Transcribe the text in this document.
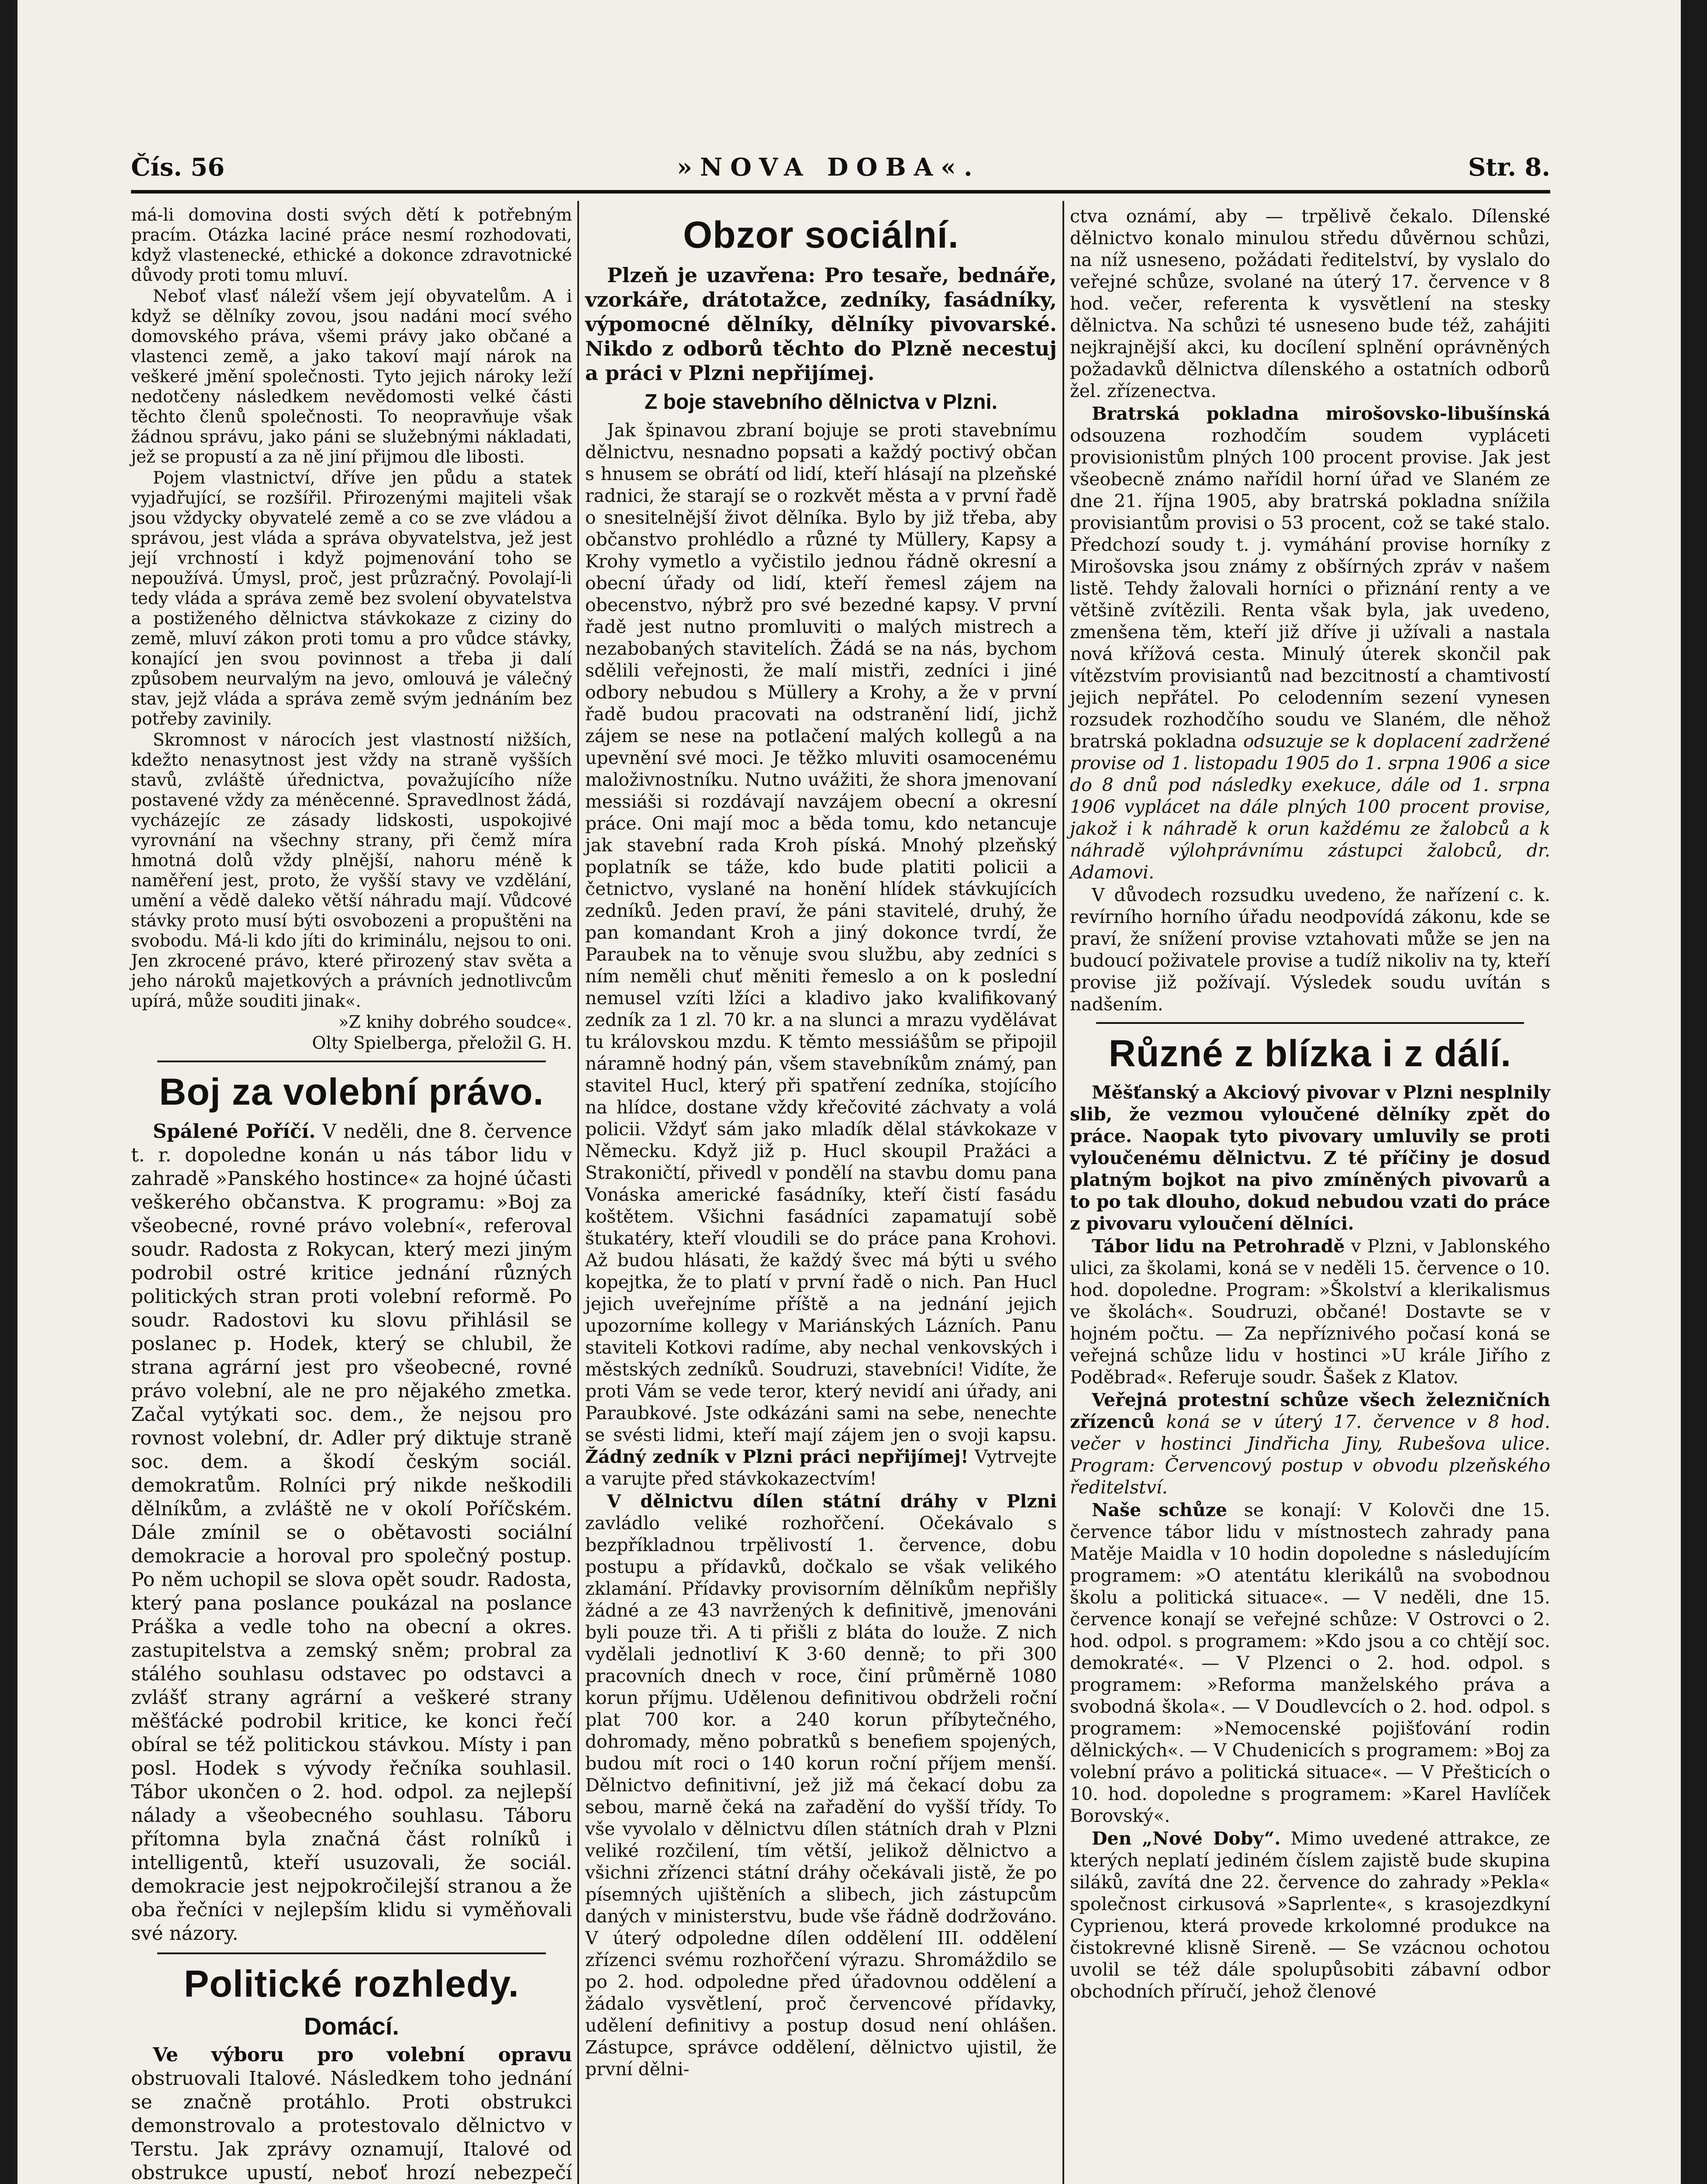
Čís. 56	»NOVA DOBA«.	Str. 8.

má-li domovina dosti svých dětí k potřebným pracím. Otázka laciné práce nesmí rozhodovati, když vlastenecké, ethické a dokonce zdravotnické důvody proti tomu mluví.

Neboť vlasť náleží všem její obyvatelům. A i když se dělníky zovou, jsou nadáni mocí svého domovského práva, všemi právy jako občané a vlastenci země, a jako takoví mají nárok na veškeré jmění společnosti. Tyto jejich nároky leží nedotčeny následkem nevědomosti velké části těchto členů společnosti. To neopravňuje však žádnou správu, jako páni se služebnými nákladati, jež se propustí a za ně jiní přijmou dle libosti.

Pojem vlastnictví, dříve jen půdu a statek vyjadřující, se rozšířil. Přirozenými majiteli však jsou vždycky obyvatelé země a co se zve vládou a správou, jest vláda a správa obyvatelstva, jež jest její vrchností i když pojmenování toho se nepoužívá. Úmysl, proč, jest průzračný. Povolají-li tedy vláda a správa země bez svolení obyvatelstva a postiženého dělnictva stávkokaze z ciziny do země, mluví zákon proti tomu a pro vůdce stávky, konající jen svou povinnost a třeba ji dalí způsobem neurvalým na jevo, omlouvá je válečný stav, jejž vláda a správa země svým jednáním bez potřeby zavinily.

Skromnost v nárocích jest vlastností nižších, kdežto nenasytnost jest vždy na straně vyšších stavů, zvláště úřednictva, považujícího níže postavené vždy za méněcenné. Spravedlnost žádá, vycházejíc ze zásady lidskosti, uspokojivé vyrovnání na všechny strany, při čemž míra hmotná dolů vždy plnější, nahoru méně k naměření jest, proto, že vyšší stavy ve vzdělání, umění a vědě daleko větší náhradu mají. Vůdcové stávky proto musí býti osvobozeni a propuštěni na svobodu. Má-li kdo jíti do kriminálu, nejsou to oni. Jen zkrocené právo, které přirozený stav světa a jeho nároků majetkových a právních jednotlivcům upírá, může souditi jinak«.

»Z knihy dobrého soudce«.

Olty Spielberga, přeložil G. H.

Boj za volební právo.

Spálené Poříčí. V neděli, dne 8. července t. r. dopoledne konán u nás tábor lidu v zahradě »Panského hostince« za hojné účasti veškerého občanstva. K programu: »Boj za všeobecné, rovné právo volební«, referoval soudr. Radosta z Rokycan, který mezi jiným podrobil ostré kritice jednání různých politických stran proti volební reformě. Po soudr. Radostovi ku slovu přihlásil se poslanec p. Hodek, který se chlubil, že strana agrární jest pro všeobecné, rovné právo volební, ale ne pro nějakého zmetka. Začal vytýkati soc. dem., že nejsou pro rovnost volební, dr. Adler prý diktuje straně soc. dem. a škodí českým sociál. demokratům. Rolníci prý nikde neškodili dělníkům, a zvláště ne v okolí Poříčském. Dále zmínil se o obětavosti sociální demokracie a horoval pro společný postup. Po něm uchopil se slova opět soudr. Radosta, který pana poslance poukázal na poslance Práška a vedle toho na obecní a okres. zastupitelstva a zemský sněm; probral za stálého souhlasu odstavec po odstavci a zvlášť strany agrární a veškeré strany měšťácké podrobil kritice, ke konci řečí obíral se též politickou stávkou. Místy i pan posl. Hodek s vývody řečníka souhlasil. Tábor ukončen o 2. hod. odpol. za nejlepší nálady a všeobecného souhlasu. Táboru přítomna byla značná část rolníků i intelligentů, kteří usuzovali, že sociál. demokracie jest nejpokročilejší stranou a že oba řečníci v nejlepším klidu si vyměňovali své názory.

Politické rozhledy.
Domácí.

Ve výboru pro volební opravu obstruovali Italové. Následkem toho jednání se značně protáhlo. Proti obstrukci demonstrovalo a protestovalo dělnictvo v Terstu. Jak zprávy oznamují, Italové od obstrukce upustí, neboť hrozí nebezpečí

Obzor sociální.

Plzeň je uzavřena: Pro tesaře, bednáře, vzorkáře, drátotažce, zedníky, fasádníky, výpomocné dělníky, dělníky pivovarské. Nikdo z odborů těchto do Plzně necestuj a práci v Plzni nepřijímej.

Z boje stavebního dělnictva v Plzni.

Jak špinavou zbraní bojuje se proti stavebnímu dělnictvu, nesnadno popsati a každý poctivý občan s hnusem se obrátí od lidí, kteří hlásají na plzeňské radnici, že starají se o rozkvět města a v první řadě o snesitelnější život dělníka. Bylo by již třeba, aby občanstvo prohlédlo a různé ty Müllery, Kapsy a Krohy vymetlo a vyčistilo jednou řádně okresní a obecní úřady od lidí, kteří řemesl zájem na obecenstvo, nýbrž pro své bezedné kapsy. V první řadě jest nutno promluviti o malých mistrech a nezabobaných stavitelích. Žádá se na nás, bychom sdělili veřejnosti, že malí mistři, zedníci i jiné odbory nebudou s Müllery a Krohy, a že v první řadě budou pracovati na odstranění lidí, jichž zájem se nese na potlačení malých kollegů a na upevnění své moci. Je těžko mluviti osamocenému maloživnostníku. Nutno uvážiti, že shora jmenovaní messiáši si rozdávají navzájem obecní a okresní práce. Oni mají moc a běda tomu, kdo netancuje jak stavební rada Kroh píská. Mnohý plzeňský poplatník se táže, kdo bude platiti policii a četnictvo, vyslané na honění hlídek stávkujících zedníků. Jeden praví, že páni stavitelé, druhý, že pan komandant Kroh a jiný dokonce tvrdí, že Paraubek na to věnuje svou službu, aby zedníci s ním neměli chuť měniti řemeslo a on k poslední nemusel vzíti lžíci a kladivo jako kvalifikovaný zedník za 1 zl. 70 kr. a na slunci a mrazu vydělávat tu královskou mzdu. K těmto messiášům se připojil náramně hodný pán, všem stavebníkům známý, pan stavitel Hucl, který při spatření zedníka, stojícího na hlídce, dostane vždy křečovité záchvaty a volá policii. Vždyť sám jako mladík dělal stávkokaze v Německu. Když již p. Hucl skoupil Pražáci a Strakoničtí, přivedl v pondělí na stavbu domu pana Vonáska americké fasádníky, kteří čistí fasádu koštětem. Všichni fasádníci zapamatují sobě štukatéry, kteří vloudili se do práce pana Krohovi. Až budou hlásati, že každý švec má býti u svého kopejtka, že to platí v první řadě o nich. Pan Hucl jejich uveřejníme příště a na jednání jejich upozorníme kollegy v Mariánských Lázních. Panu staviteli Kotkovi radíme, aby nechal venkovských i městských zedníků. Soudruzi, stavebníci! Vidíte, že proti Vám se vede teror, který nevidí ani úřady, ani Paraubkové. Jste odkázáni sami na sebe, nenechte se svésti lidmi, kteří mají zájem jen o svoji kapsu. Žádný zedník v Plzni práci nepřijímej! Vytrvejte a varujte před stávkokazectvím!

V dělnictvu dílen státní dráhy v Plzni zavládlo veliké rozhořčení. Očekávalo s bezpříkladnou trpělivostí 1. července, dobu postupu a přídavků, dočkalo se však velikého zklamání. Přídavky provisorním dělníkům nepřišly žádné a ze 43 navržených k definitivě, jmenováni byli pouze tři. A ti přišli z bláta do louže. Z nich vydělali jednotliví K 3·60 denně; to při 300 pracovních dnech v roce, činí průměrně 1080 korun příjmu. Udělenou definitivou obdrželi roční plat 700 kor. a 240 korun příbytečného, dohromady, měno pobratků s benefiem spojených, budou mít roci o 140 korun roční příjem menší. Dělnictvo definitivní, jež již má čekací dobu za sebou, marně čeká na zařadění do vyšší třídy. To vše vyvolalo v dělnictvu dílen státních drah v Plzni veliké rozčilení, tím větší, jelikož dělnictvo a všichni zřízenci státní dráhy očekávali jistě, že po písemných ujištěních a slibech, jich zástupcům daných v ministerstvu, bude vše řádně dodržováno. V úterý odpoledne dílen oddělení III. oddělení zřízenci svému rozhořčení výrazu. Shromáždilo se po 2. hod. odpoledne před úřadovnou oddělení a žádalo vysvětlení, proč červencové přídavky, udělení definitivy a postup dosud není ohlášen. Zástupce, správce oddělení, dělnictvo ujistil, že první dělni-

ctva oznámí, aby — trpělivě čekalo. Dílenské dělnictvo konalo minulou středu důvěrnou schůzi, na níž usneseno, požádati ředitelství, by vyslalo do veřejné schůze, svolané na úterý 17. července v 8 hod. večer, referenta k vysvětlení na stesky dělnictva. Na schůzi té usneseno bude též, zahájiti nejkrajnější akci, ku docílení splnění oprávněných požadavků dělnictva dílenského a ostatních odborů žel. zřízenectva.

Bratrská pokladna mirošovsko-libušínská odsouzena rozhodčím soudem vypláceti provisionistům plných 100 procent provise. Jak jest všeobecně známo nařídil horní úřad ve Slaném ze dne 21. října 1905, aby bratrská pokladna snížila provisiantům provisi o 53 procent, což se také stalo. Předchozí soudy t. j. vymáhání provise horníky z Mirošovska jsou známy z obšírných zpráv v našem listě. Tehdy žalovali horníci o přiznání renty a ve většině zvítězili. Renta však byla, jak uvedeno, zmenšena těm, kteří již dříve ji užívali a nastala nová křížová cesta. Minulý úterek skončil pak vítězstvím provisiantů nad bezcitností a chamtivostí jejich nepřátel. Po celodenním sezení vynesen rozsudek rozhodčího soudu ve Slaném, dle něhož bratrská pokladna odsuzuje se k doplacení zadržené provise od 1. listopadu 1905 do 1. srpna 1906 a sice do 8 dnů pod následky exekuce, dále od 1. srpna 1906 vyplácet na dále plných 100 procent provise, jakož i k náhradě k orun každému ze žalobců a k náhradě výlohprávnímu zástupci žalobců, dr. Adamovi.

V důvodech rozsudku uvedeno, že nařízení c. k. revírního horního úřadu neodpovídá zákonu, kde se praví, že snížení provise vztahovati může se jen na budoucí poživatele provise a tudíž nikoliv na ty, kteří provise již požívají. Výsledek soudu uvítán s nadšením.

Různé z blízka i z dálí.

Měšťanský a Akciový pivovar v Plzni nesplnily slib, že vezmou vyloučené dělníky zpět do práce. Naopak tyto pivovary umluvily se proti vyloučenému dělnictvu. Z té příčiny je dosud platným bojkot na pivo zmíněných pivovarů a to po tak dlouho, dokud nebudou vzati do práce z pivovaru vyloučení dělníci.

Tábor lidu na Petrohradě v Plzni, v Jablonského ulici, za školami, koná se v neděli 15. července o 10. hod. dopoledne. Program: »Školství a klerikalismus ve školách«. Soudruzi, občané! Dostavte se v hojném počtu. — Za nepříznivého počasí koná se veřejná schůze lidu v hostinci »U krále Jiřího z Poděbrad«. Referuje soudr. Šašek z Klatov.

Veřejná protestní schůze všech železničních zřízenců koná se v úterý 17. července v 8 hod. večer v hostinci Jindřicha Jiny, Rubešova ulice. Program: Červencový postup v obvodu plzeňského ředitelství.

Naše schůze se konají: V Kolovči dne 15. července tábor lidu v místnostech zahrady pana Matěje Maidla v 10 hodin dopoledne s následujícím programem: »O atentátu klerikálů na svobodnou školu a politická situace«. — V neděli, dne 15. července konají se veřejné schůze: V Ostrovci o 2. hod. odpol. s programem: »Kdo jsou a co chtějí soc. demokraté«. — V Plzenci o 2. hod. odpol. s programem: »Reforma manželského práva a svobodná škola«. — V Doudlevcích o 2. hod. odpol. s programem: »Nemocenské pojišťování rodin dělnických«. — V Chudenicích s programem: »Boj za volební právo a politická situace«. — V Přešticích o 10. hod. dopoledne s programem: »Karel Havlíček Borovský«.

Den „Nové Doby“. Mimo uvedené attrakce, ze kterých neplatí jediném číslem zajistě bude skupina siláků, zavítá dne 22. července do zahrady »Pekla« společnost cirkusová »Saprlente«, s krasojezdkyní Cyprienou, která provede krkolomné produkce na čistokrevné klisně Sireně. — Se vzácnou ochotou uvolil se též dále spolupůsobiti zábavní odbor obchodních příručí, jehož členové
